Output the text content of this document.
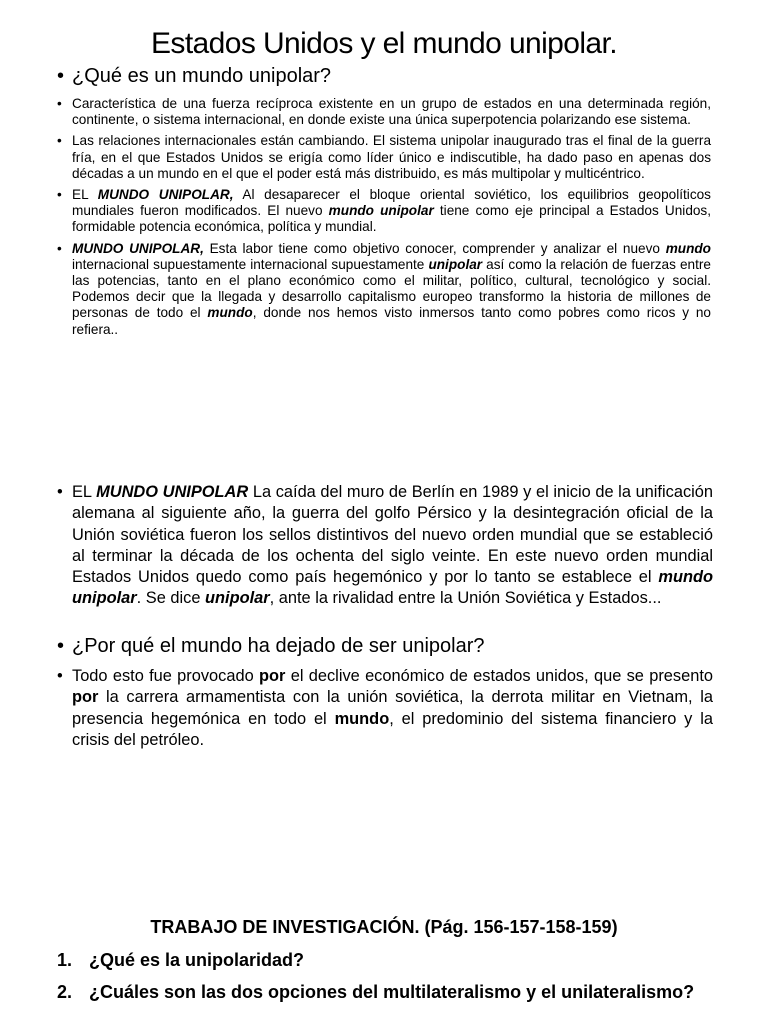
Estados Unidos y el mundo unipolar.
• ¿Qué es un mundo unipolar?
• Característica de una fuerza recíproca existente en un grupo de estados en una determinada región, continente, o sistema internacional, en donde existe una única superpotencia polarizando ese sistema.
• Las relaciones internacionales están cambiando. El sistema unipolar inaugurado tras el final de la guerra fría, en el que Estados Unidos se erigía como líder único e indiscutible, ha dado paso en apenas dos décadas a un mundo en el que el poder está más distribuido, es más multipolar y multicéntrico.
• EL MUNDO UNIPOLAR, Al desaparecer el bloque oriental soviético, los equilibrios geopolíticos mundiales fueron modificados. El nuevo mundo unipolar tiene como eje principal a Estados Unidos, formidable potencia económica, política y mundial.
• MUNDO UNIPOLAR, Esta labor tiene como objetivo conocer, comprender y analizar el nuevo mundo internacional supuestamente internacional supuestamente unipolar así como la relación de fuerzas entre las potencias, tanto en el plano económico como el militar, político, cultural, tecnológico y social. Podemos decir que la llegada y desarrollo capitalismo europeo transformo la historia de millones de personas de todo el mundo, donde nos hemos visto inmersos tanto como pobres como ricos y no refiera..
• EL MUNDO UNIPOLAR La caída del muro de Berlín en 1989 y el inicio de la unificación alemana al siguiente año, la guerra del golfo Pérsico y la desintegración oficial de la Unión soviética fueron los sellos distintivos del nuevo orden mundial que se estableció al terminar la década de los ochenta del siglo veinte. En este nuevo orden mundial Estados Unidos quedo como país hegemónico y por lo tanto se establece el mundo unipolar. Se dice unipolar, ante la rivalidad entre la Unión Soviética y Estados...
• ¿Por qué el mundo ha dejado de ser unipolar?
• Todo esto fue provocado por el declive económico de estados unidos, que se presento por la carrera armamentista con la unión soviética, la derrota militar en Vietnam, la presencia hegemónica en todo el mundo, el predominio del sistema financiero y la crisis del petróleo.
TRABAJO DE INVESTIGACIÓN. (Pág. 156-157-158-159)
1. ¿Qué es la unipolaridad?
2. ¿Cuáles son las dos opciones del multilateralismo y el unilateralismo?
